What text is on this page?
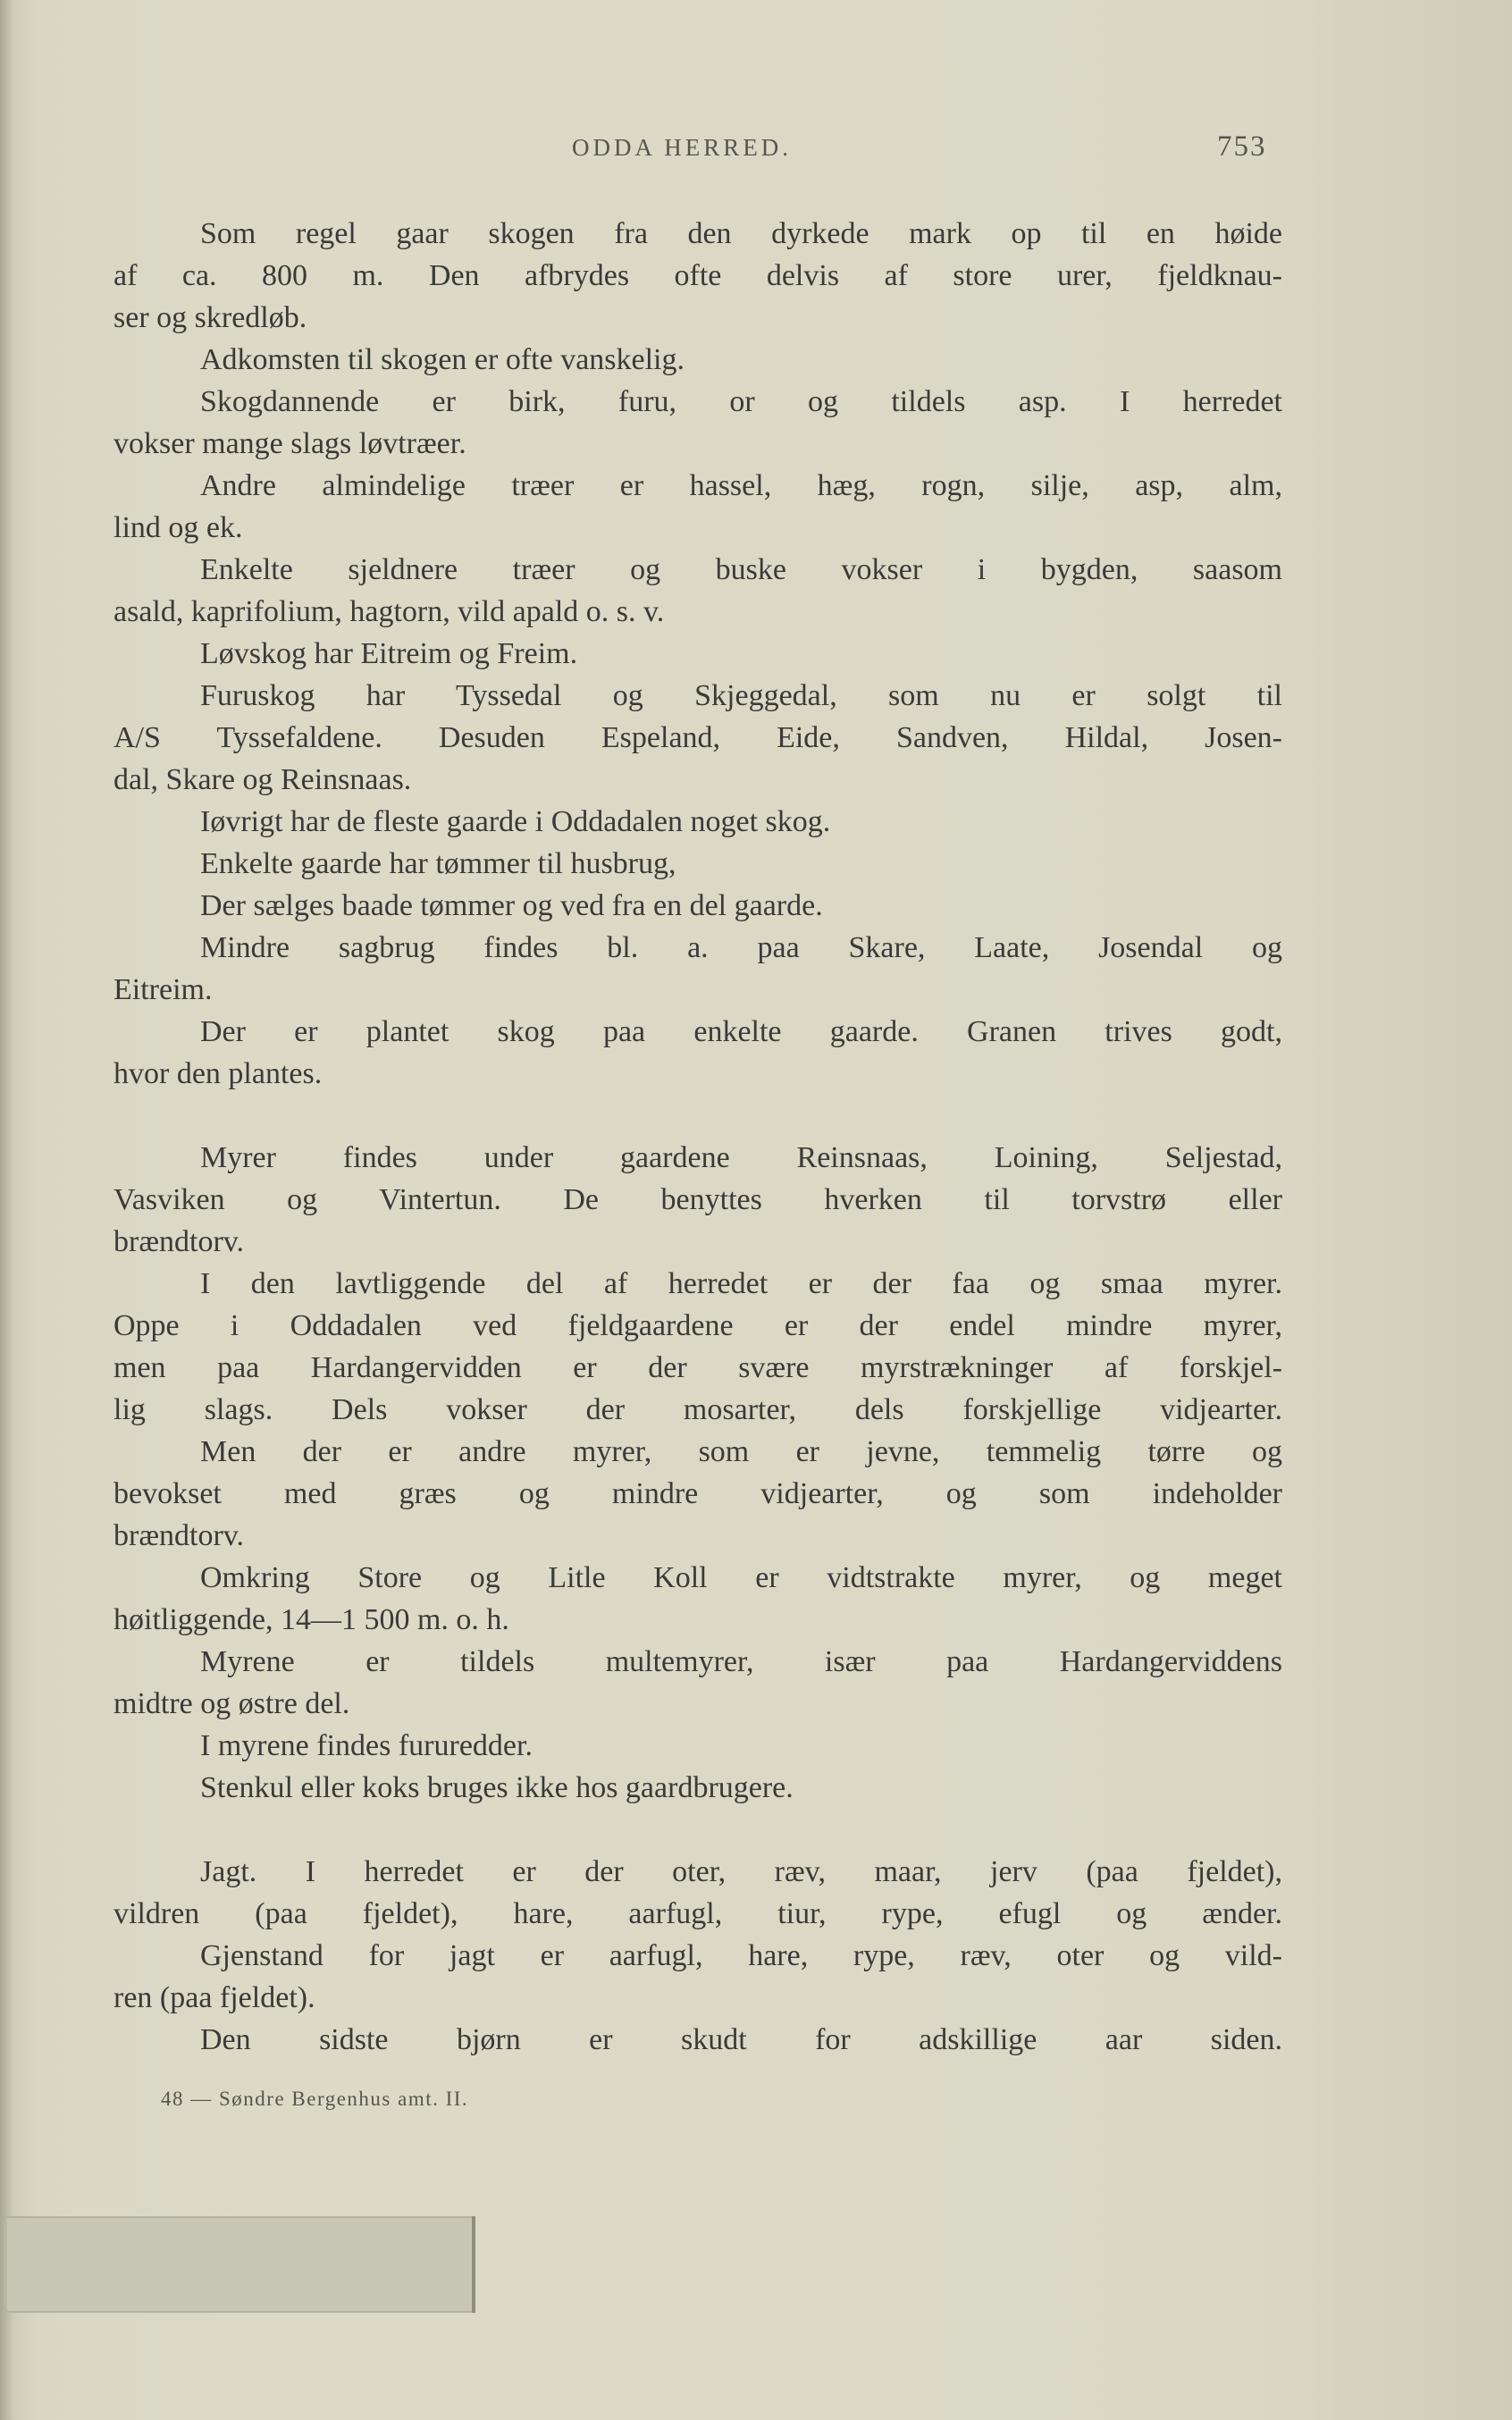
ODDA HERRED.	753
Som regel gaar skogen fra den dyrkede mark op til en høide
af ca. 800 m. Den afbrydes ofte delvis af store urer, fjeldknau-
ser og skredløb.
Adkomsten til skogen er ofte vanskelig.
Skogdannende er birk, furu, or og tildels asp. I herredet
vokser mange slags løvtræer.
Andre almindelige træer er hassel, hæg, rogn, silje, asp, alm,
lind og ek.
Enkelte sjeldnere træer og buske vokser i bygden, saasom
asald, kaprifolium, hagtorn, vild apald o. s. v.
Løvskog har Eitreim og Freim.
Furuskog har Tyssedal og Skjeggedal, som nu er solgt til
A/S Tyssefaldene. Desuden Espeland, Eide, Sandven, Hildal, Josen-
dal, Skare og Reinsnaas.
Iøvrigt har de fleste gaarde i Oddadalen noget skog.
Enkelte gaarde har tømmer til husbrug,
Der sælges baade tømmer og ved fra en del gaarde.
Mindre sagbrug findes bl. a. paa Skare, Laate, Josendal og
Eitreim.
Der er plantet skog paa enkelte gaarde. Granen trives godt,
hvor den plantes.
Myrer findes under gaardene Reinsnaas, Loining, Seljestad,
Vasviken og Vintertun. De benyttes hverken til torvstrø eller
brændtorv.
I den lavtliggende del af herredet er der faa og smaa myrer.
Oppe i Oddadalen ved fjeldgaardene er der endel mindre myrer,
men paa Hardangervidden er der svære myrstrækninger af forskjel-
lig slags. Dels vokser der mosarter, dels forskjellige vidjearter.
Men der er andre myrer, som er jevne, temmelig tørre og
bevokset med græs og mindre vidjearter, og som indeholder
brændtorv.
Omkring Store og Litle Koll er vidtstrakte myrer, og meget
høitliggende, 14—1 500 m. o. h.
Myrene er tildels multemyrer, især paa Hardangerviddens
midtre og østre del.
I myrene findes fururedder.
Stenkul eller koks bruges ikke hos gaardbrugere.
Jagt. I herredet er der oter, ræv, maar, jerv (paa fjeldet),
vildren (paa fjeldet), hare, aarfugl, tiur, rype, efugl og ænder.
Gjenstand for jagt er aarfugl, hare, rype, ræv, oter og vild-
ren (paa fjeldet).
Den sidste bjørn er skudt for adskillige aar siden.
48 — Søndre Bergenhus amt. II.
